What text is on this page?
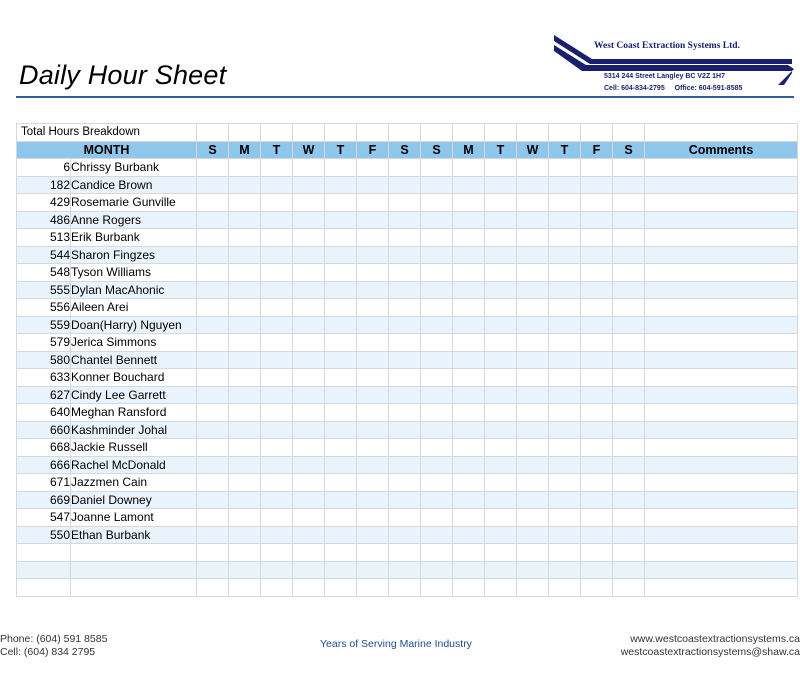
Daily Hour Sheet
West Coast Extraction Systems Ltd.
5314 244 Street Langley BC V2Z 1H7
Cell: 604-834-2795 Office: 604-591-8585
Total Hours Breakdown																
MONTH		S	M	T	W	T	F	S	S	M	T	W	T	F	S	Comments
6	Chrissy Burbank															
182	Candice Brown															
429	Rosemarie Gunville															
486	Anne Rogers															
513	Erik Burbank															
544	Sharon Fingzes															
548	Tyson Williams															
555	Dylan MacAhonic															
556	Aileen Arei															
559	Doan(Harry) Nguyen															
579	Jerica Simmons															
580	Chantel Bennett															
633	Konner Bouchard															
627	Cindy Lee Garrett															
640	Meghan Ransford															
660	Kashminder Johal															
668	Jackie Russell															
666	Rachel McDonald															
671	Jazzmen Cain															
669	Daniel Downey															
547	Joanne Lamont															
550	Ethan Burbank															

Phone: (604) 591 8585
Cell: (604) 834 2795
Years of Serving Marine Industry	www.westcoastextractionsystems.ca
westcoastextractionsystems@shaw.ca
